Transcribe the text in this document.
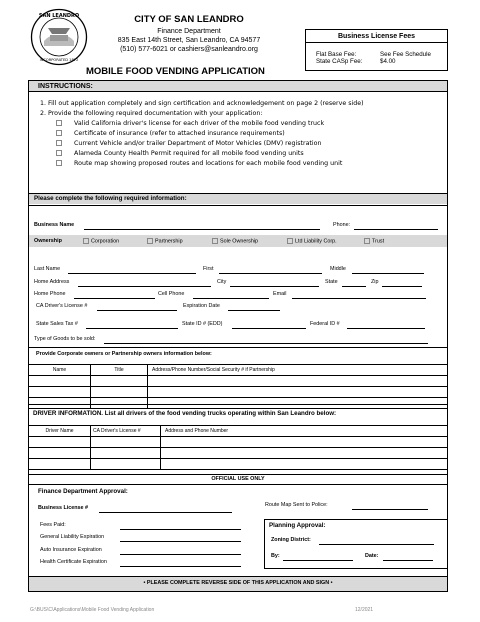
SAN LEANDRO
INCORPORATED 1872
CITY OF SAN LEANDRO
Finance Department
835 East 14th Street, San Leandro, CA 94577
(510) 577-6021 or cashiers@sanleandro.org
MOBILE FOOD VENDING APPLICATION
Business License Fees
Flat Base Fee:	See Fee Schedule
State CASp Fee:	$4.00
INSTRUCTIONS:
1. Fill out application completely and sign certification and acknowledgement on page 2 (reserve side)
2. Provide the following required documentation with your application:
Valid California driver's license for each driver of the mobile food vending truck
Certificate of insurance (refer to attached insurance requirements)
Current Vehicle and/or trailer Department of Motor Vehicles (DMV) registration
Alameda County Health Permit required for all mobile food vending units
Route map showing proposed routes and locations for each mobile food vending unit
Please complete the following required information:
Business Name	Phone:
Ownership	Corporation	Partnership	Sole Ownership	Ltd Liability Corp.	Trust
Last Name	First	Middle
Home Address	City	State	Zip
Home Phone	Cell Phone	Email
CA Driver's License #	Expiration Date
State Sales Tax #	State ID # (EDD)	Federal ID #
Type of Goods to be sold:
Provide Corporate owners or Partnership owners information below:
Name	Title	Address/Phone Number/Social Security # if Partnership

DRIVER INFORMATION. List all drivers of the food vending trucks operating within San Leandro below:
Driver Name	CA Driver's License #	Address and Phone Number

OFFICIAL USE ONLY
Finance Department Approval:
Business License #	Route Map Sent to Police:
Fees Paid:
General Liability Expiration
Auto Insurance Expiration
Health Certificate Expiration
Planning Approval:
Zoning District:
By:	Date:
• PLEASE COMPLETE REVERSE SIDE OF THIS APPLICATION AND SIGN •
G:\BUS\C\Applications\Mobile Food Vending Application	12/2021
